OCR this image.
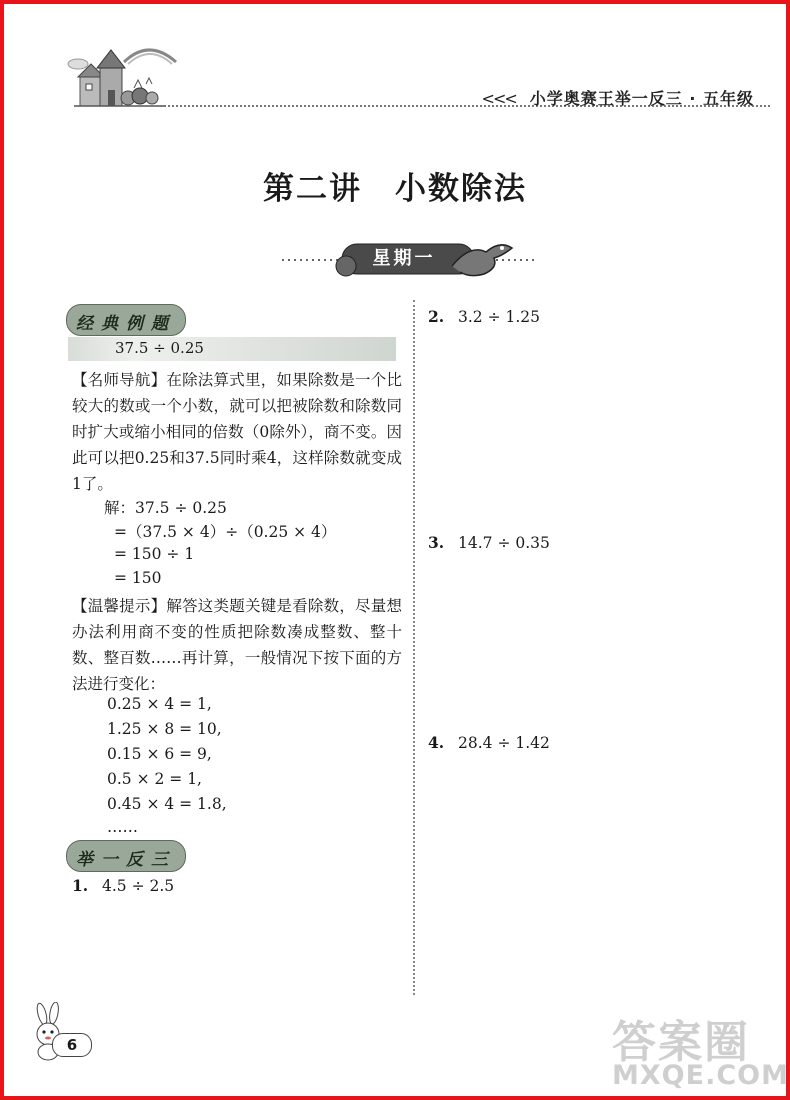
<<< 小学奥赛王举一反三 · 五年级
第二讲　小数除法
星期一
经典例题
37.5 ÷ 0.25
【名师导航】在除法算式里，如果除数是一个比较大的数或一个小数，就可以把被除数和除数同时扩大或缩小相同的倍数（0除外），商不变。因此可以把0.25和37.5同时乘4，这样除数就变成1了。
解：37.5 ÷ 0.25
=（37.5 × 4）÷（0.25 × 4）
= 150 ÷ 1
= 150
【温馨提示】解答这类题关键是看除数，尽量想办法利用商不变的性质把除数凑成整数、整十数、整百数……再计算，一般情况下按下面的方法进行变化：
0.25 × 4 = 1,
1.25 × 8 = 10,
0.15 × 6 = 9,
0.5 × 2 = 1,
0.45 × 4 = 1.8,
……
举一反三
1. 4.5 ÷ 2.5
2. 3.2 ÷ 1.25
3. 14.7 ÷ 0.35
4. 28.4 ÷ 1.42
6	答案圈
MXQE.COM
